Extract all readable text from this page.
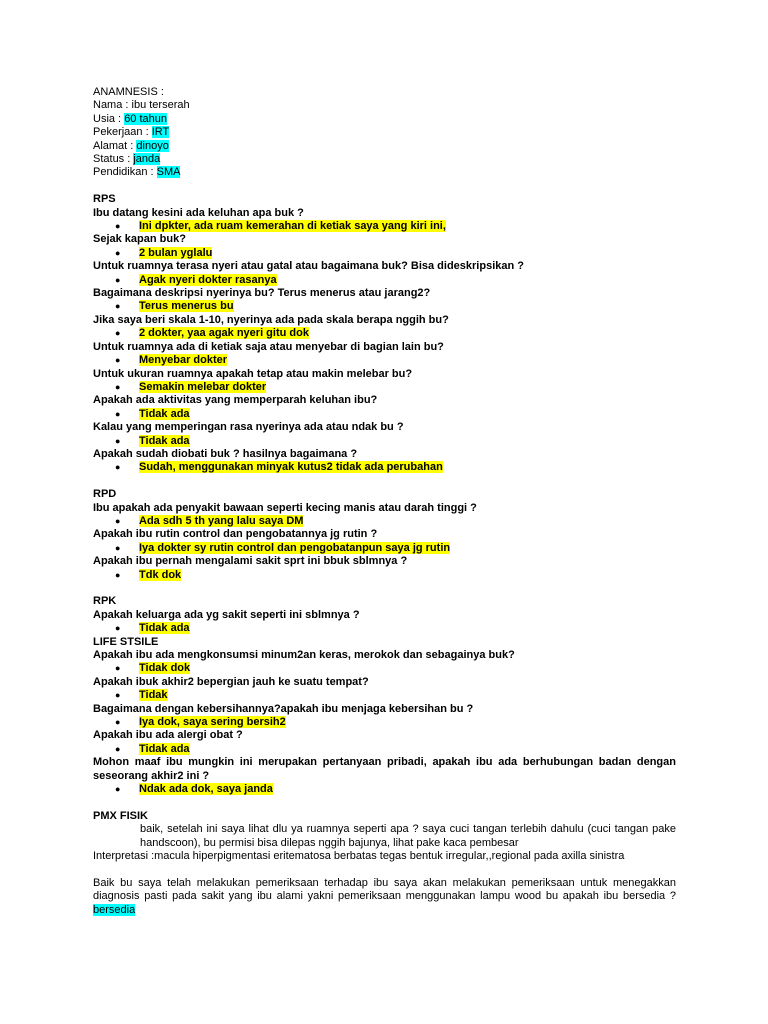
ANAMNESIS :
Nama : ibu terserah
Usia : 60 tahun
Pekerjaan : IRT
Alamat : dinoyo
Status : janda
Pendidikan : SMA
RPS
Ibu datang kesini ada keluhan apa buk ?
● Ini dpkter, ada ruam kemerahan di ketiak saya yang kiri ini,
Sejak kapan buk?
● 2 bulan yglalu
Untuk ruamnya terasa nyeri atau gatal atau bagaimana buk? Bisa dideskripsikan ?
● Agak nyeri dokter rasanya
Bagaimana deskripsi nyerinya bu? Terus menerus atau jarang2?
● Terus menerus bu
Jika saya beri skala 1-10, nyerinya ada pada skala berapa nggih bu?
● 2 dokter, yaa agak nyeri gitu dok
Untuk ruamnya ada di ketiak saja atau menyebar di bagian lain bu?
● Menyebar dokter
Untuk ukuran ruamnya apakah tetap atau makin melebar bu?
● Semakin melebar dokter
Apakah ada aktivitas yang memperparah keluhan ibu?
● Tidak ada
Kalau yang memperingan rasa nyerinya ada atau ndak bu ?
● Tidak ada
Apakah sudah diobati buk ? hasilnya bagaimana ?
● Sudah, menggunakan minyak kutus2 tidak ada perubahan
RPD
Ibu apakah ada penyakit bawaan seperti kecing manis atau darah tinggi ?
● Ada sdh 5 th yang lalu saya DM
Apakah ibu rutin control dan pengobatannya jg rutin ?
● Iya dokter sy rutin control dan pengobatanpun saya jg rutin
Apakah ibu pernah mengalami sakit sprt ini bbuk sblmnya ?
● Tdk dok
RPK
Apakah keluarga ada yg sakit seperti ini sblmnya ?
● Tidak ada
LIFE STSILE
Apakah ibu ada mengkonsumsi minum2an keras, merokok dan sebagainya buk?
● Tidak dok
Apakah ibuk akhir2 bepergian jauh ke suatu tempat?
● Tidak
Bagaimana dengan kebersihannya?apakah ibu menjaga kebersihan bu ?
● Iya dok, saya sering bersih2
Apakah ibu ada alergi obat ?
● Tidak ada
Mohon maaf ibu mungkin ini merupakan pertanyaan pribadi, apakah ibu ada berhubungan badan dengan seseorang akhir2 ini ?
● Ndak ada dok, saya janda
PMX FISIK
baik, setelah ini saya lihat dlu ya ruamnya seperti apa ? saya cuci tangan terlebih dahulu (cuci tangan pake handscoon), bu permisi bisa dilepas nggih bajunya, lihat pake kaca pembesar
Interpretasi :macula hiperpigmentasi eritematosa berbatas tegas bentuk irregular,,regional pada axilla sinistra
Baik bu saya telah melakukan pemeriksaan terhadap ibu saya akan melakukan pemeriksaan untuk menegakkan diagnosis pasti pada sakit yang ibu alami yakni pemeriksaan menggunakan lampu wood bu apakah ibu bersedia ? bersedia
